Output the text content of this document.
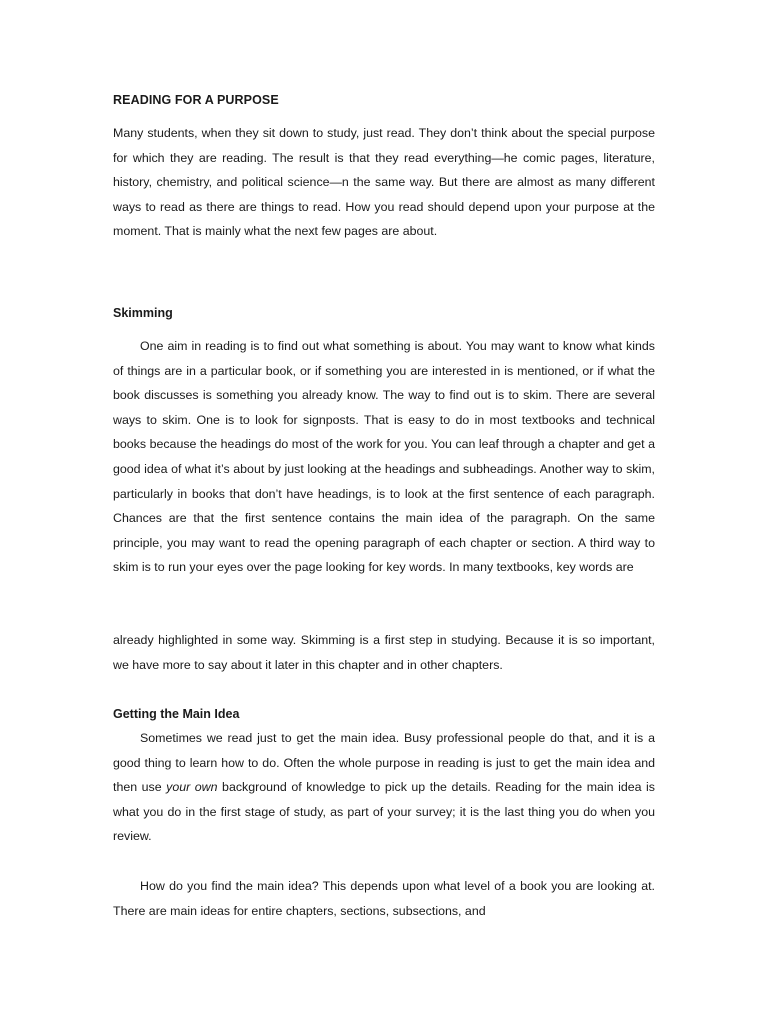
READING FOR A PURPOSE

Many students, when they sit down to study, just read. They don’t think about the special purpose for which they are reading. The result is that they read everything—he comic pages, literature, history, chemistry, and political science—n the same way. But there are almost as many different ways to read as there are things to read. How you read should depend upon your purpose at the moment. That is mainly what the next few pages are about.

Skimming

One aim in reading is to find out what something is about. You may want to know what kinds of things are in a particular book, or if something you are interested in is mentioned, or if what the book discusses is something you already know. The way to find out is to skim. There are several ways to skim. One is to look for signposts. That is easy to do in most textbooks and technical books because the headings do most of the work for you. You can leaf through a chapter and get a good idea of what it’s about by just looking at the headings and subheadings. Another way to skim, particularly in books that don’t have headings, is to look at the first sentence of each paragraph. Chances are that the first sentence contains the main idea of the paragraph. On the same principle, you may want to read the opening paragraph of each chapter or section. A third way to skim is to run your eyes over the page looking for key words. In many textbooks, key words are

already highlighted in some way. Skimming is a first step in studying. Because it is so important, we have more to say about it later in this chapter and in other chapters.

Getting the Main Idea

Sometimes we read just to get the main idea. Busy professional people do that, and it is a good thing to learn how to do. Often the whole purpose in reading is just to get the main idea and then use your own background of knowledge to pick up the details. Reading for the main idea is what you do in the first stage of study, as part of your survey; it is the last thing you do when you review.

How do you find the main idea? This depends upon what level of a book you are looking at. There are main ideas for entire chapters, sections, subsections, and
